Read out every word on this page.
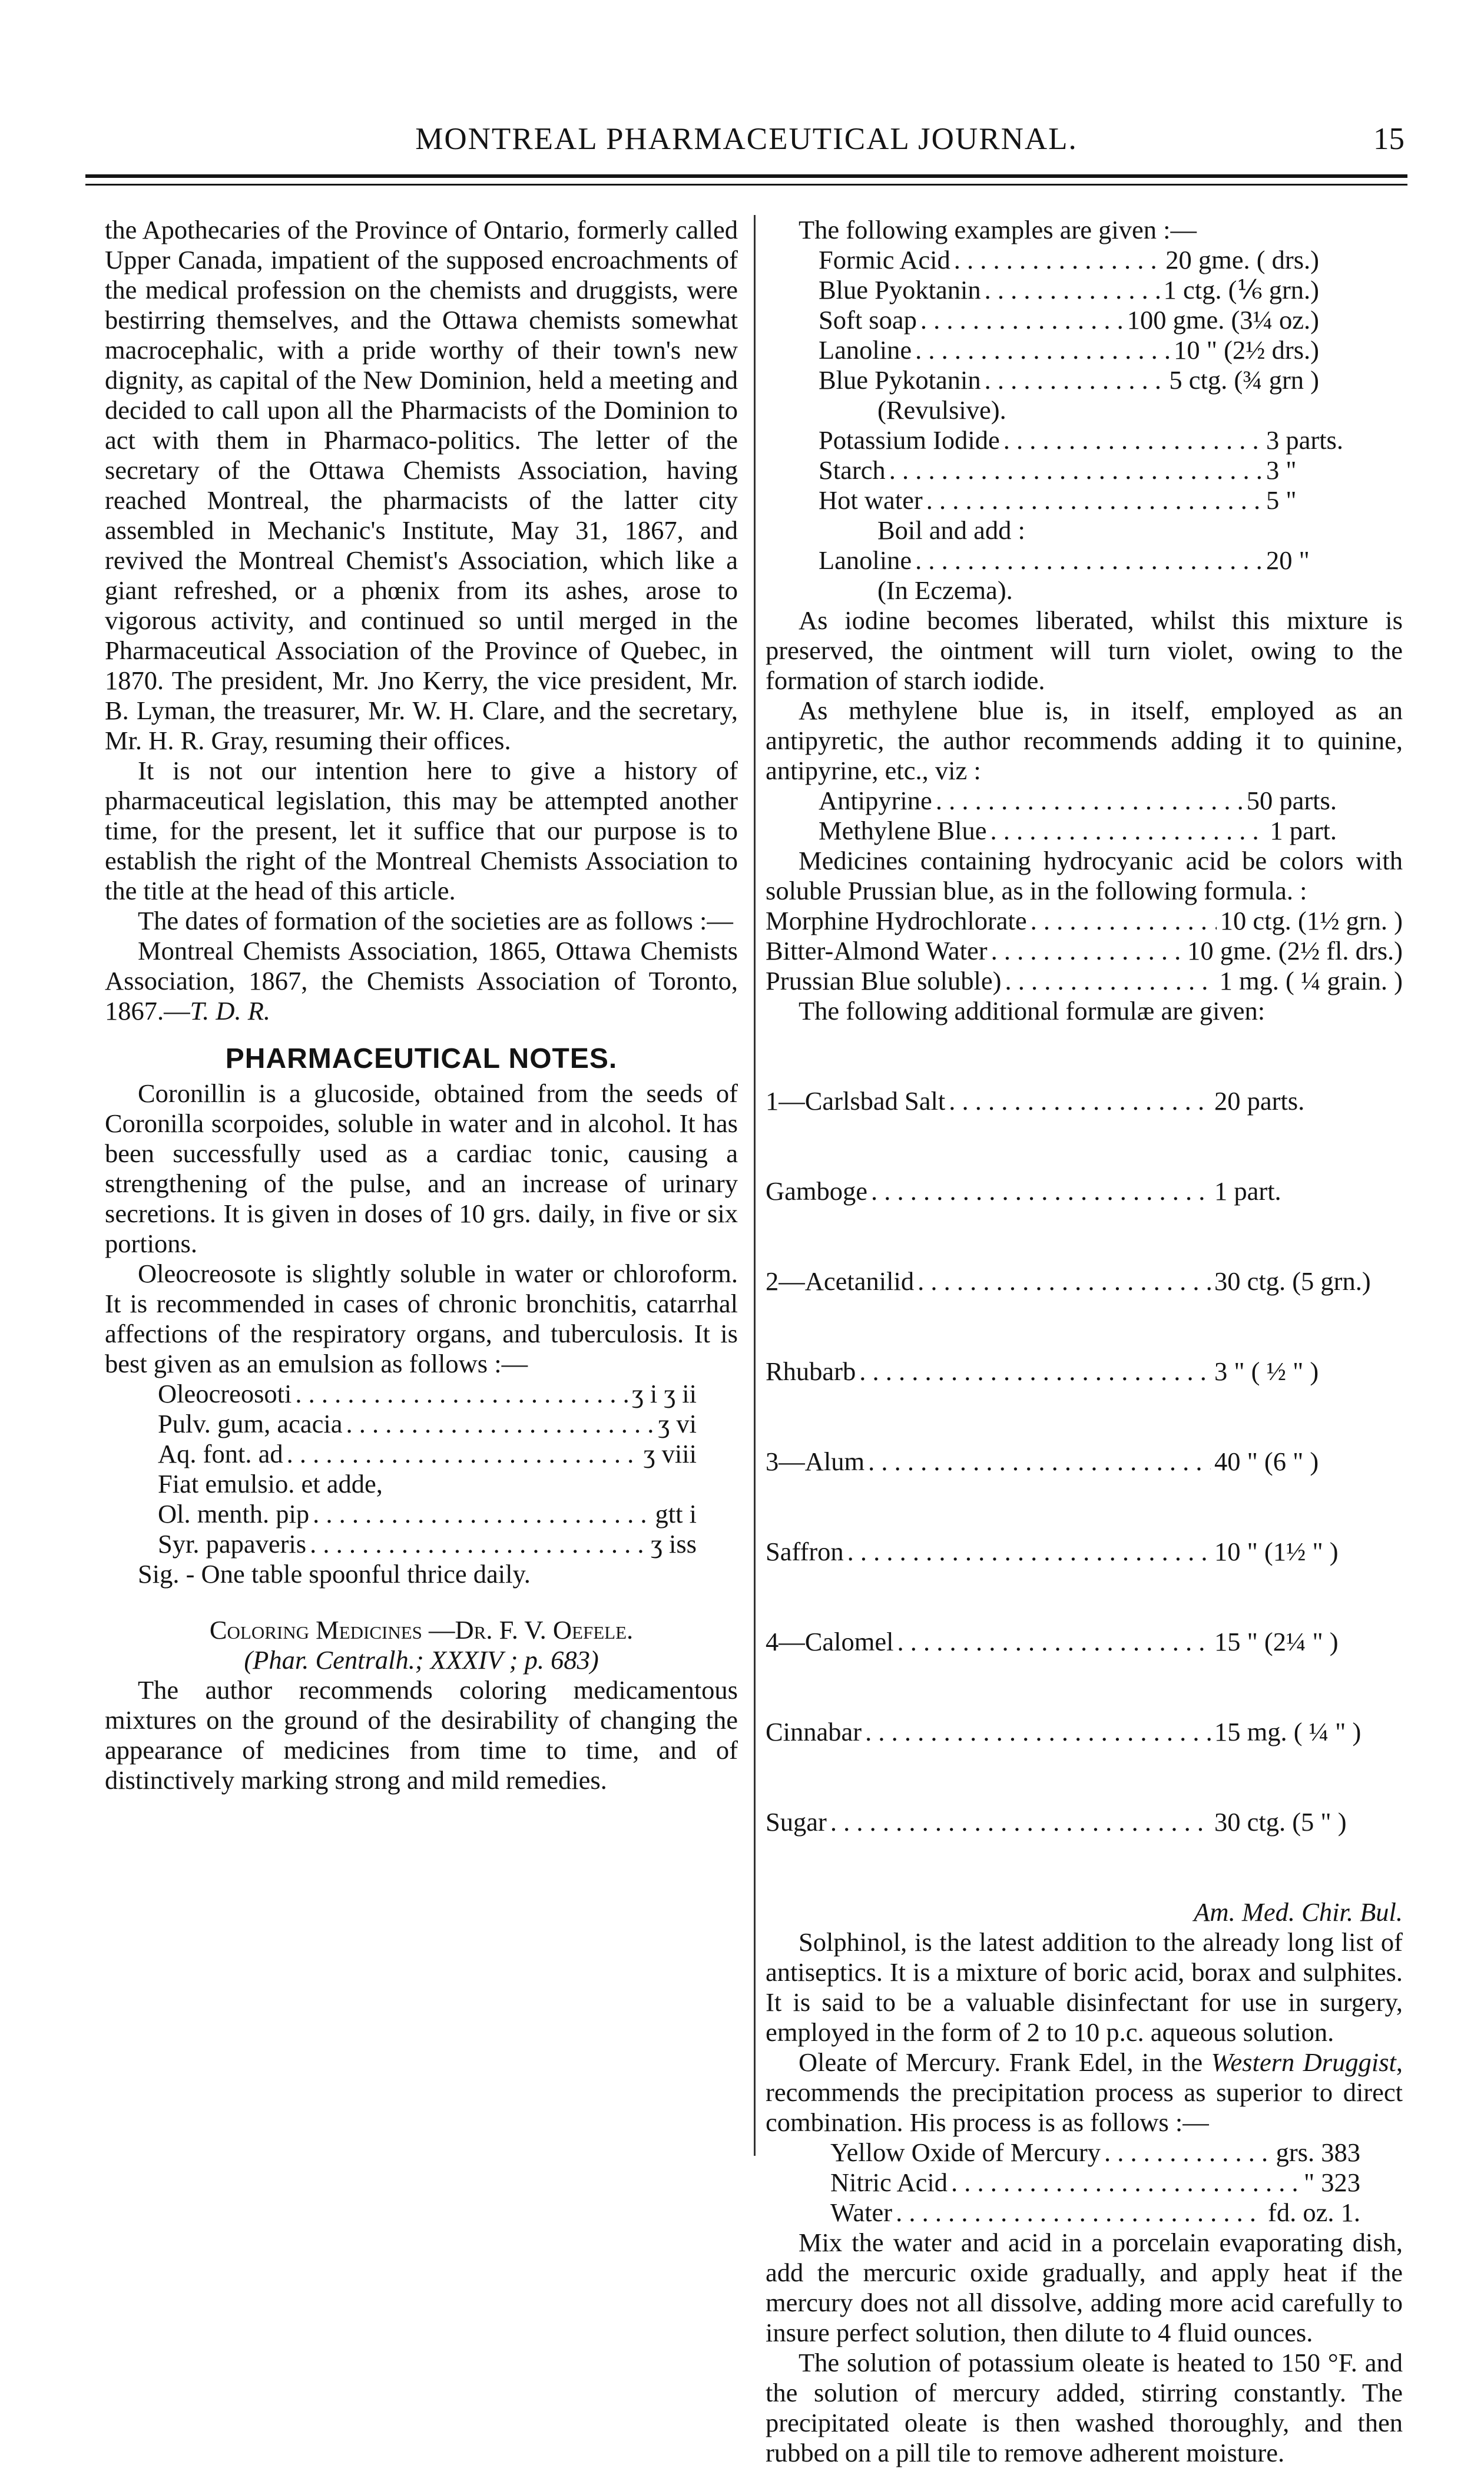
MONTREAL PHARMACEUTICAL JOURNAL.	15

the Apothecaries of the Province of Ontario, formerly called Upper Canada, impatient of the supposed encroachments of the medical profession on the chemists and druggists, were bestirring themselves, and the Ottawa chemists somewhat macrocephalic, with a pride worthy of their town's new dignity, as capital of the New Dominion, held a meeting and decided to call upon all the Pharmacists of the Dominion to act with them in Pharmaco-politics. The letter of the secretary of the Ottawa Chemists Association, having reached Montreal, the pharmacists of the latter city assembled in Mechanic's Institute, May 31, 1867, and revived the Montreal Chemist's Association, which like a giant refreshed, or a phœnix from its ashes, arose to vigorous activity, and continued so until merged in the Pharmaceutical Association of the Province of Quebec, in 1870. The president, Mr. Jno Kerry, the vice president, Mr. B. Lyman, the treasurer, Mr. W. H. Clare, and the secretary, Mr. H. R. Gray, resuming their offices.

It is not our intention here to give a history of pharmaceutical legislation, this may be attempted another time, for the present, let it suffice that our purpose is to establish the right of the Montreal Chemists Association to the title at the head of this article.

The dates of formation of the societies are as follows :—

Montreal Chemists Association, 1865, Ottawa Chemists Association, 1867, the Chemists Association of Toronto, 1867.—T. D. R.

PHARMACEUTICAL NOTES.

Coronillin is a glucoside, obtained from the seeds of Coronilla scorpoides, soluble in water and in alcohol. It has been successfully used as a cardiac tonic, causing a strengthening of the pulse, and an increase of urinary secretions. It is given in doses of 10 grs. daily, in five or six portions.

Oleocreosote is slightly soluble in water or chloroform. It is recommended in cases of chronic bronchitis, catarrhal affections of the respiratory organs, and tuberculosis. It is best given as an emulsion as follows :—

Oleocreosoti . . .	ʒ i ʒ ii
Pulv. gum, acacia . . .	ʒ vi
Aq. font. ad . . .	ʒ viii
Fiat emulsio. et adde,
Ol. menth. pip . . .	gtt i
Syr. papaveris . . .	ʒ iss
Sig. - One table spoonful thrice daily.
Coloring Medicines —Dr. F. V. Oefele.
(Phar. Centralh.; XXXIV ; p. 683)

The author recommends coloring medicamentous mixtures on the ground of the desirability of changing the appearance of medicines from time to time, and of distinctively marking strong and mild remedies.

The following examples are given :—

Formic Acid . . .	20 gme. ( drs.)
Blue Pyoktanin . . .	1 ctg. (⅙ grn.)
Soft soap . . .	100 gme. (3¼ oz.)
Lanoline . . .	10 " (2½ drs.)
Blue Pykotanin . . .	5 ctg. (¾ grn )
(Revulsive).
Potassium Iodide . . .	3 parts.
Starch . . .	3 "
Hot water . . .	5 "
Boil and add :
Lanoline . . .	20 "
(In Eczema).

As iodine becomes liberated, whilst this mixture is preserved, the ointment will turn violet, owing to the formation of starch iodide.

As methylene blue is, in itself, employed as an antipyretic, the author recommends adding it to quinine, antipyrine, etc., viz :

Antipyrine . . .	50 parts.
Methylene Blue . . .	1 part.

Medicines containing hydrocyanic acid be colors with soluble Prussian blue, as in the following formula. :

Morphine Hydrochlorate . . .	10 ctg. (1½ grn. )
Bitter-Almond Water . . .	10 gme. (2½ fl. drs.)
Prussian Blue soluble) . . .	1 mg. ( ¼ grain. )

The following additional formulæ are given:

1—Carlsbad Salt . . .	20 parts.

Gamboge . . .	1 part.

2—Acetanilid . . .	30 ctg. (5 grn.)

Rhubarb . . .	3 " ( ½ " )

3—Alum . . .	40 " (6 " )

Saffron . . .	10 " (1½ " )

4—Calomel . . .	15 " (2¼ " )

Cinnabar . . .	15 mg. ( ¼ " )

Sugar . . .	30 ctg. (5 " )

Am. Med. Chir. Bul.

Solphinol, is the latest addition to the already long list of antiseptics. It is a mixture of boric acid, borax and sulphites. It is said to be a valuable disinfectant for use in surgery, employed in the form of 2 to 10 p.c. aqueous solution.

Oleate of Mercury. Frank Edel, in the Western Druggist, recommends the precipitation process as superior to direct combination. His process is as follows :—

Yellow Oxide of Mercury . . .	grs. 383
Nitric Acid . . .	" 323
Water . . .	fd. oz. 1.

Mix the water and acid in a porcelain evaporating dish, add the mercuric oxide gradually, and apply heat if the mercury does not all dissolve, adding more acid carefully to insure perfect solution, then dilute to 4 fluid ounces.

The solution of potassium oleate is heated to 150 °F. and the solution of mercury added, stirring constantly. The precipitated oleate is then washed thoroughly, and then rubbed on a pill tile to remove adherent moisture.
